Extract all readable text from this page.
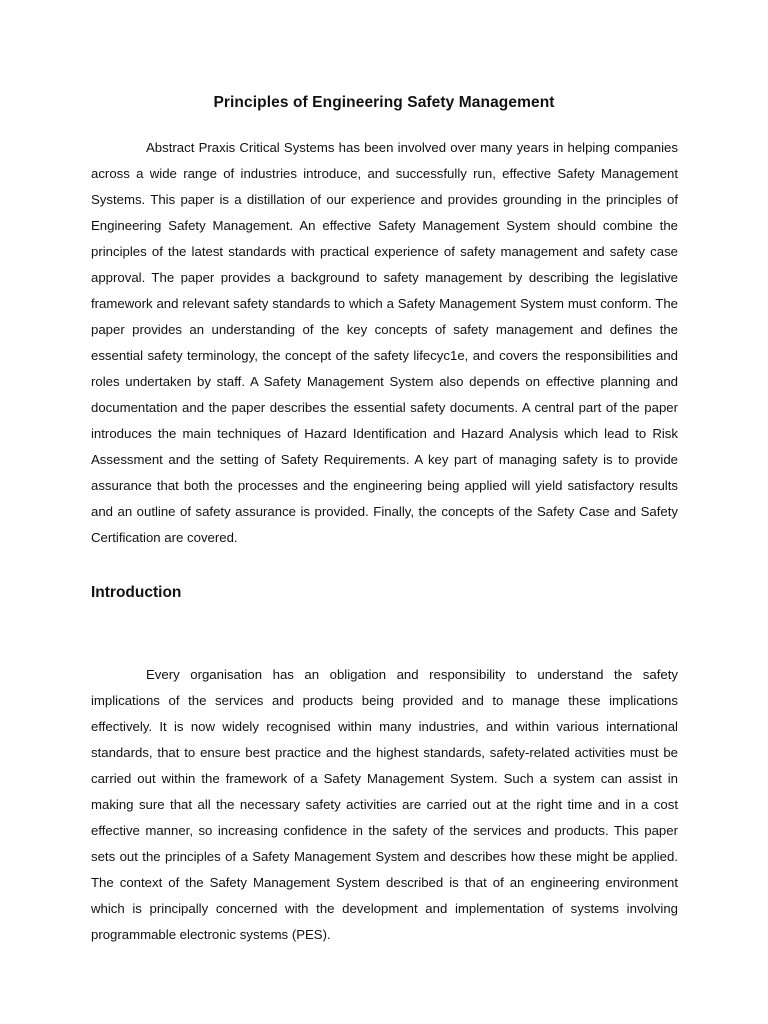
Principles of Engineering Safety Management

Abstract Praxis Critical Systems has been involved over many years in helping companies across a wide range of industries introduce, and successfully run, effective Safety Management Systems. This paper is a distillation of our experience and provides grounding in the principles of Engineering Safety Management. An effective Safety Management System should combine the principles of the latest standards with practical experience of safety management and safety case approval. The paper provides a background to safety management by describing the legislative framework and relevant safety standards to which a Safety Management System must conform. The paper provides an understanding of the key concepts of safety management and defines the essential safety terminology, the concept of the safety lifecyc1e, and covers the responsibilities and roles undertaken by staff. A Safety Management System also depends on effective planning and documentation and the paper describes the essential safety documents. A central part of the paper introduces the main techniques of Hazard Identification and Hazard Analysis which lead to Risk Assessment and the setting of Safety Requirements. A key part of managing safety is to provide assurance that both the processes and the engineering being applied will yield satisfactory results and an outline of safety assurance is provided. Finally, the concepts of the Safety Case and Safety Certification are covered.

Introduction

Every organisation has an obligation and responsibility to understand the safety implications of the services and products being provided and to manage these implications effectively. It is now widely recognised within many industries, and within various international standards, that to ensure best practice and the highest standards, safety-related activities must be carried out within the framework of a Safety Management System. Such a system can assist in making sure that all the necessary safety activities are carried out at the right time and in a cost effective manner, so increasing confidence in the safety of the services and products. This paper sets out the principles of a Safety Management System and describes how these might be applied. The context of the Safety Management System described is that of an engineering environment which is principally concerned with the development and implementation of systems involving programmable electronic systems (PES).
